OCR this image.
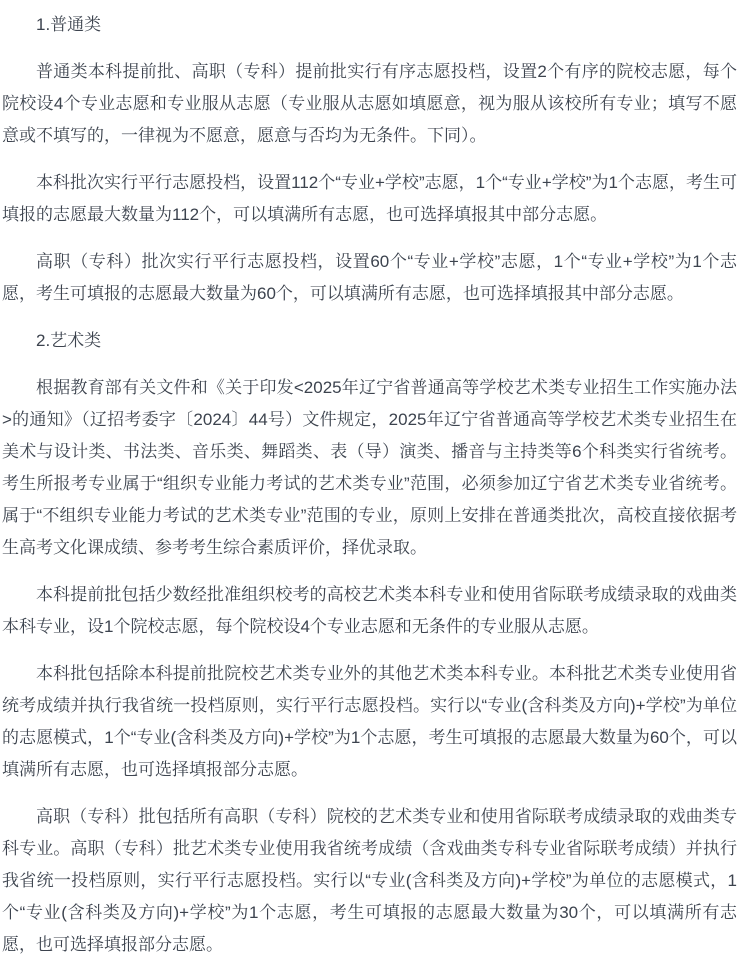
1.普通类

普通类本科提前批、高职（专科）提前批实行有序志愿投档，设置2个有序的院校志愿，每个院校设4个专业志愿和专业服从志愿（专业服从志愿如填愿意，视为服从该校所有专业；填写不愿意或不填写的，一律视为不愿意，愿意与否均为无条件。下同）。

本科批次实行平行志愿投档，设置112个“专业+学校”志愿，1个“专业+学校”为1个志愿，考生可填报的志愿最大数量为112个，可以填满所有志愿，也可选择填报其中部分志愿。

高职（专科）批次实行平行志愿投档，设置60个“专业+学校”志愿，1个“专业+学校”为1个志愿，考生可填报的志愿最大数量为60个，可以填满所有志愿，也可选择填报其中部分志愿。

2.艺术类

根据教育部有关文件和《关于印发<2025年辽宁省普通高等学校艺术类专业招生工作实施办法>的通知》（辽招考委字〔2024〕44号）文件规定，2025年辽宁省普通高等学校艺术类专业招生在美术与设计类、书法类、音乐类、舞蹈类、表（导）演类、播音与主持类等6个科类实行省统考。考生所报考专业属于“组织专业能力考试的艺术类专业”范围，必须参加辽宁省艺术类专业省统考。属于“不组织专业能力考试的艺术类专业”范围的专业，原则上安排在普通类批次，高校直接依据考生高考文化课成绩、参考考生综合素质评价，择优录取。

本科提前批包括少数经批准组织校考的高校艺术类本科专业和使用省际联考成绩录取的戏曲类本科专业，设1个院校志愿，每个院校设4个专业志愿和无条件的专业服从志愿。

本科批包括除本科提前批院校艺术类专业外的其他艺术类本科专业。本科批艺术类专业使用省统考成绩并执行我省统一投档原则，实行平行志愿投档。实行以“专业(含科类及方向)+学校”为单位的志愿模式，1个“专业(含科类及方向)+学校”为1个志愿，考生可填报的志愿最大数量为60个，可以填满所有志愿，也可选择填报部分志愿。

高职（专科）批包括所有高职（专科）院校的艺术类专业和使用省际联考成绩录取的戏曲类专科专业。高职（专科）批艺术类专业使用我省统考成绩（含戏曲类专科专业省际联考成绩）并执行我省统一投档原则，实行平行志愿投档。实行以“专业(含科类及方向)+学校”为单位的志愿模式，1个“专业(含科类及方向)+学校”为1个志愿，考生可填报的志愿最大数量为30个，可以填满所有志愿，也可选择填报部分志愿。
